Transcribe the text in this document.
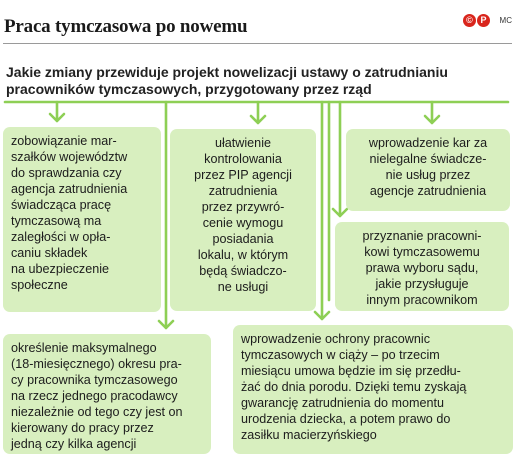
Praca tymczasowa po nowemu	© P	MC
Jakie zmiany przewiduje projekt nowelizacji ustawy o zatrudnianiu pracowników tymczasowych, przygotowany przez rząd
zobowiązanie mar-
szałków województw
do sprawdzania czy
agencja zatrudnienia
świadcząca pracę
tymczasową ma
zaległości w opła-
caniu składek
na ubezpieczenie
społeczne
ułatwienie
kontrolowania
przez PIP agencji
zatrudnienia
przez przywró-
cenie wymogu
posiadania
lokalu, w którym
będą świadczo-
ne usługi
wprowadzenie kar za
nielegalne świadcze-
nie usług przez
agencje zatrudnienia
przyznanie pracowni-
kowi tymczasowemu
prawa wyboru sądu,
jakie przysługuje
innym pracownikom
określenie maksymalnego
(18-miesięcznego) okresu pra-
cy pracownika tymczasowego
na rzecz jednego pracodawcy
niezależnie od tego czy jest on
kierowany do pracy przez
jedną czy kilka agencji
wprowadzenie ochrony pracownic
tymczasowych w ciąży – po trzecim
miesiącu umowa będzie im się przedłu-
żać do dnia porodu. Dzięki temu zyskają
gwarancję zatrudnienia do momentu
urodzenia dziecka, a potem prawo do
zasiłku macierzyńskiego
